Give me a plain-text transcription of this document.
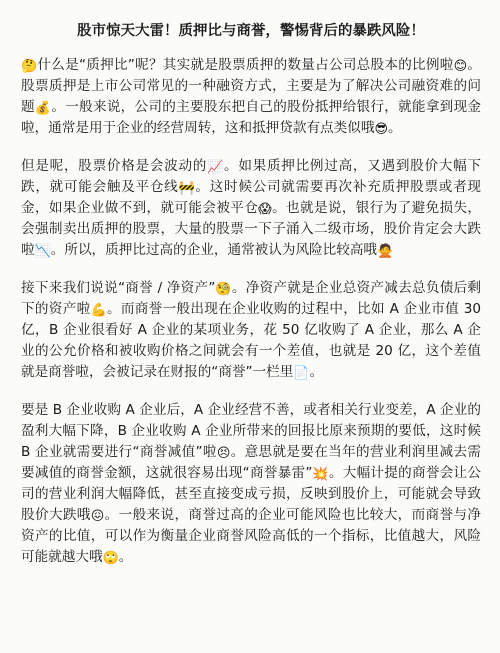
股市惊天大雷！质押比与商誉，警惕背后的暴跌风险！

🤔什么是“质押比”呢？其实就是股票质押的数量占公司总股本的比例啦😊。股票质押是上市公司常见的一种融资方式，主要是为了解决公司融资难的问题💰。一般来说，公司的主要股东把自己的股份抵押给银行，就能拿到现金啦，通常是用于企业的经营周转，这和抵押贷款有点类似哦😎。

但是呢，股票价格是会波动的📈。如果质押比例过高，又遇到股价大幅下跌，就可能会触及平仓线🚧。这时候公司就需要再次补充质押股票或者现金，如果企业做不到，就可能会被平仓😱。也就是说，银行为了避免损失，会强制卖出质押的股票，大量的股票一下子涌入二级市场，股价肯定会大跌啦📉。所以，质押比过高的企业，通常被认为风险比较高哦🙅

接下来我们说说“商誉 / 净资产”🧐。净资产就是企业总资产减去总负债后剩下的资产啦💪。而商誉一般出现在企业收购的过程中，比如 A 企业市值 30 亿，B 企业很看好 A 企业的某项业务，花 50 亿收购了 A 企业，那么 A 企业的公允价格和被收购价格之间就会有一个差值，也就是 20 亿，这个差值就是商誉啦，会被记录在财报的“商誉”一栏里📄。

要是 B 企业收购 A 企业后，A 企业经营不善，或者相关行业变差，A 企业的盈利大幅下降，B 企业收购 A 企业所带来的回报比原来预期的要低，这时候 B 企业就需要进行“商誉减值”啦😣。意思就是要在当年的营业利润里减去需要减值的商誉金额，这就很容易出现“商誉暴雷”💥。大幅计提的商誉会让公司的营业利润大幅降低，甚至直接变成亏损，反映到股价上，可能就会导致股价大跌哦😖。一般来说，商誉过高的企业可能风险也比较大，而商誉与净资产的比值，可以作为衡量企业商誉风险高低的一个指标，比值越大，风险可能就越大哦🙄。
